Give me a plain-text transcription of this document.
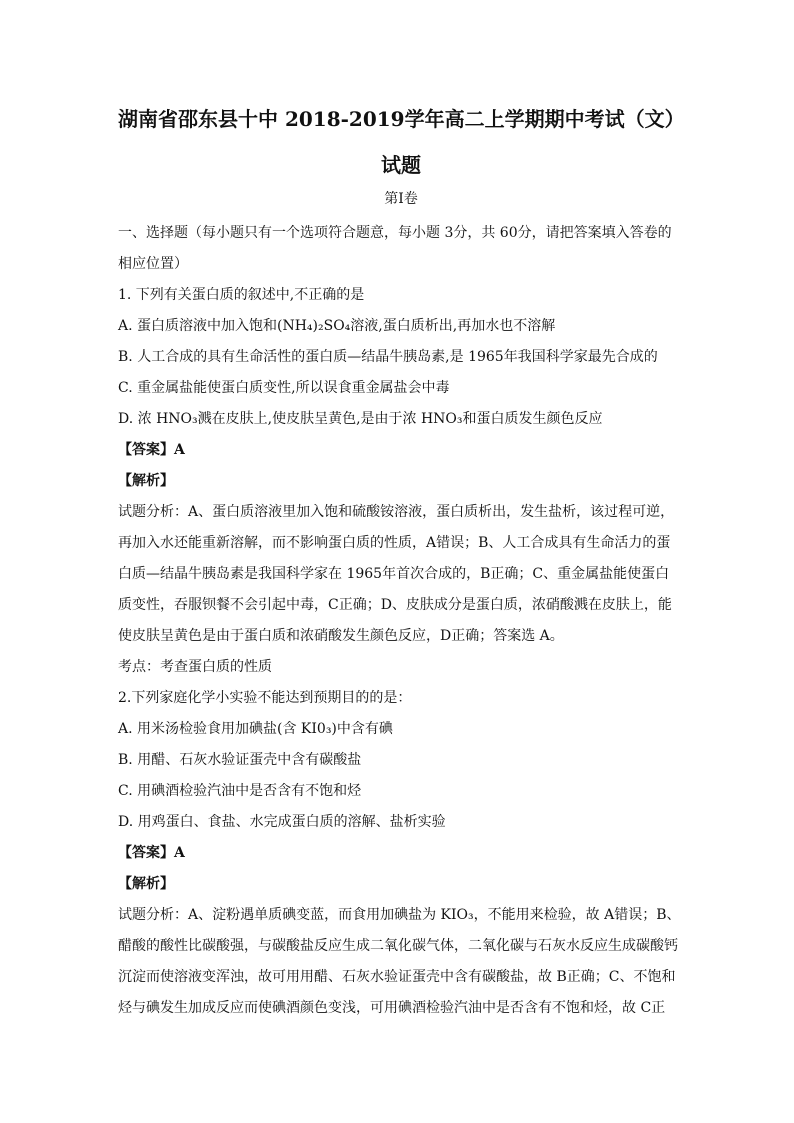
湖南省邵东县十中 2018-2019学年高二上学期期中考试（文）
试题
第I卷

一、选择题（每小题只有一个选项符合题意，每小题 3分，共 60分，请把答案填入答卷的

相应位置）

1. 下列有关蛋白质的叙述中,不正确的是

A. 蛋白质溶液中加入饱和(NH₄)₂SO₄溶液,蛋白质析出,再加水也不溶解

B. 人工合成的具有生命活性的蛋白质—结晶牛胰岛素,是 1965年我国科学家最先合成的

C. 重金属盐能使蛋白质变性,所以误食重金属盐会中毒

D. 浓 HNO₃溅在皮肤上,使皮肤呈黄色,是由于浓 HNO₃和蛋白质发生颜色反应

【答案】A

【解析】

试题分析：A、蛋白质溶液里加入饱和硫酸铵溶液，蛋白质析出，发生盐析，该过程可逆，

再加入水还能重新溶解，而不影响蛋白质的性质，A错误；B、人工合成具有生命活力的蛋

白质—结晶牛胰岛素是我国科学家在 1965年首次合成的，B正确；C、重金属盐能使蛋白

质变性，吞服钡餐不会引起中毒，C正确；D、皮肤成分是蛋白质，浓硝酸溅在皮肤上，能

使皮肤呈黄色是由于蛋白质和浓硝酸发生颜色反应，D正确；答案选 A。

考点：考查蛋白质的性质

2.下列家庭化学小实验不能达到预期目的的是：

A. 用米汤检验食用加碘盐(含 KI0₃)中含有碘

B. 用醋、石灰水验证蛋壳中含有碳酸盐

C. 用碘酒检验汽油中是否含有不饱和烃

D. 用鸡蛋白、食盐、水完成蛋白质的溶解、盐析实验

【答案】A

【解析】

试题分析：A、淀粉遇单质碘变蓝，而食用加碘盐为 KIO₃，不能用来检验，故 A错误；B、

醋酸的酸性比碳酸强，与碳酸盐反应生成二氧化碳气体，二氧化碳与石灰水反应生成碳酸钙

沉淀而使溶液变浑浊，故可用用醋、石灰水验证蛋壳中含有碳酸盐，故 B正确；C、不饱和

烃与碘发生加成反应而使碘酒颜色变浅，可用碘酒检验汽油中是否含有不饱和烃，故 C正
